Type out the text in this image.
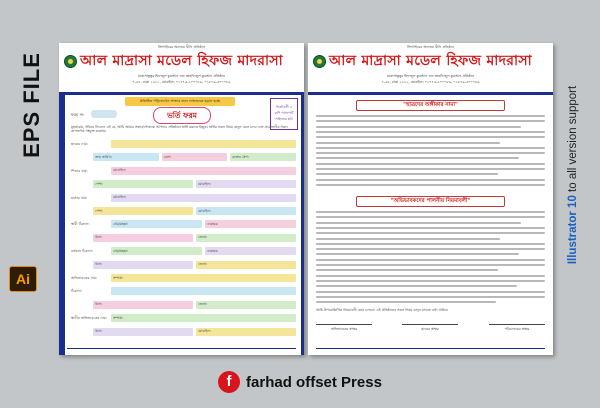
EPS FILE
Ai
Illustrator 10 to all version support
সিংগাইরের অন্যতম দ্বীনি প্রতিষ্ঠান
আল মাদ্রাসা মডেল হিফজ মাদরাসা
মাদ্রাসাতুন্নুর হিফজুল কুরআন এন্ড তাহফিজুল কুরআন প্রতিষ্ঠান
৭-৫৫, ঢাকা ১২১১, মোবাইল: ০১৭৭৫-২০০০৮৯, ০১৮৭৯-৫০০০৮৯
প্রতিষ্ঠিত পড়িলেখেন সাজার জন্য লাভজনক ছড়ান হচ্ছে
নিকটবর্তী ৫ কপি পাসপোর্ট সাইজের ছবি
ফরম নং	ভর্তি ফরম
মুহতারাম, সবিনয় নিবেদন এই যে, আমি আমার সন্তান/পোষ্যকে আপনার প্রতিষ্ঠানে ভর্তি করাতে ইচ্ছুক। ভর্তির সকল নিয়ম কানুন মেনে চলব এবং প্রয়োজনীয় সকল কাগজপত্র সংযুক্ত করলাম।
ছাত্রের নাম:
জন্ম তারিখ:	বয়স:	রক্তের গ্রুপ:
পিতার নাম:	মোবাইল:
পেশা:	মোবাইল:
মাতার নাম:	মোবাইল:
পেশা:	মোবাইল:
স্থায়ী ঠিকানা:	গ্রাম/মহল্লা:	ডাকঘর:
থানা:	জেলা:
বর্তমান ঠিকানা:	গ্রাম/মহল্লা:	ডাকঘর:
থানা:	জেলা:
অভিভাবকের নাম:	সম্পর্ক:
ঠিকানা:
থানা:	জেলা:
স্থানীয় অভিভাবকের নাম: সম্পর্ক:
থানা:	মোবাইল:
সিংগাইরের অন্যতম দ্বীনি প্রতিষ্ঠান
আল মাদ্রাসা মডেল হিফজ মাদরাসা
মাদ্রাসাতুন্নুর হিফজুল কুরআন এন্ড তাহফিজুল কুরআন প্রতিষ্ঠান
৭-৫৫, ঢাকা ১২১১, মোবাইল: ০১৭৭৫-২০০০৮৯, ০১৮৭৯-৫০০০৮৯
"ছাত্রদের অঙ্গীকার নামা"
"অভিভাবকদের পালনীয় নিয়মাবলী"
আমি উপরোল্লিখিত নিয়মাবলী মেনে চলবো। এই প্রতিষ্ঠানের সকল নিয়ম কানুন মানতে বাধ্য থাকিব।
অভিভাবকের স্বাক্ষর	ছাত্রের স্বাক্ষর	পরিচালকের স্বাক্ষর
f farhad offset Press
